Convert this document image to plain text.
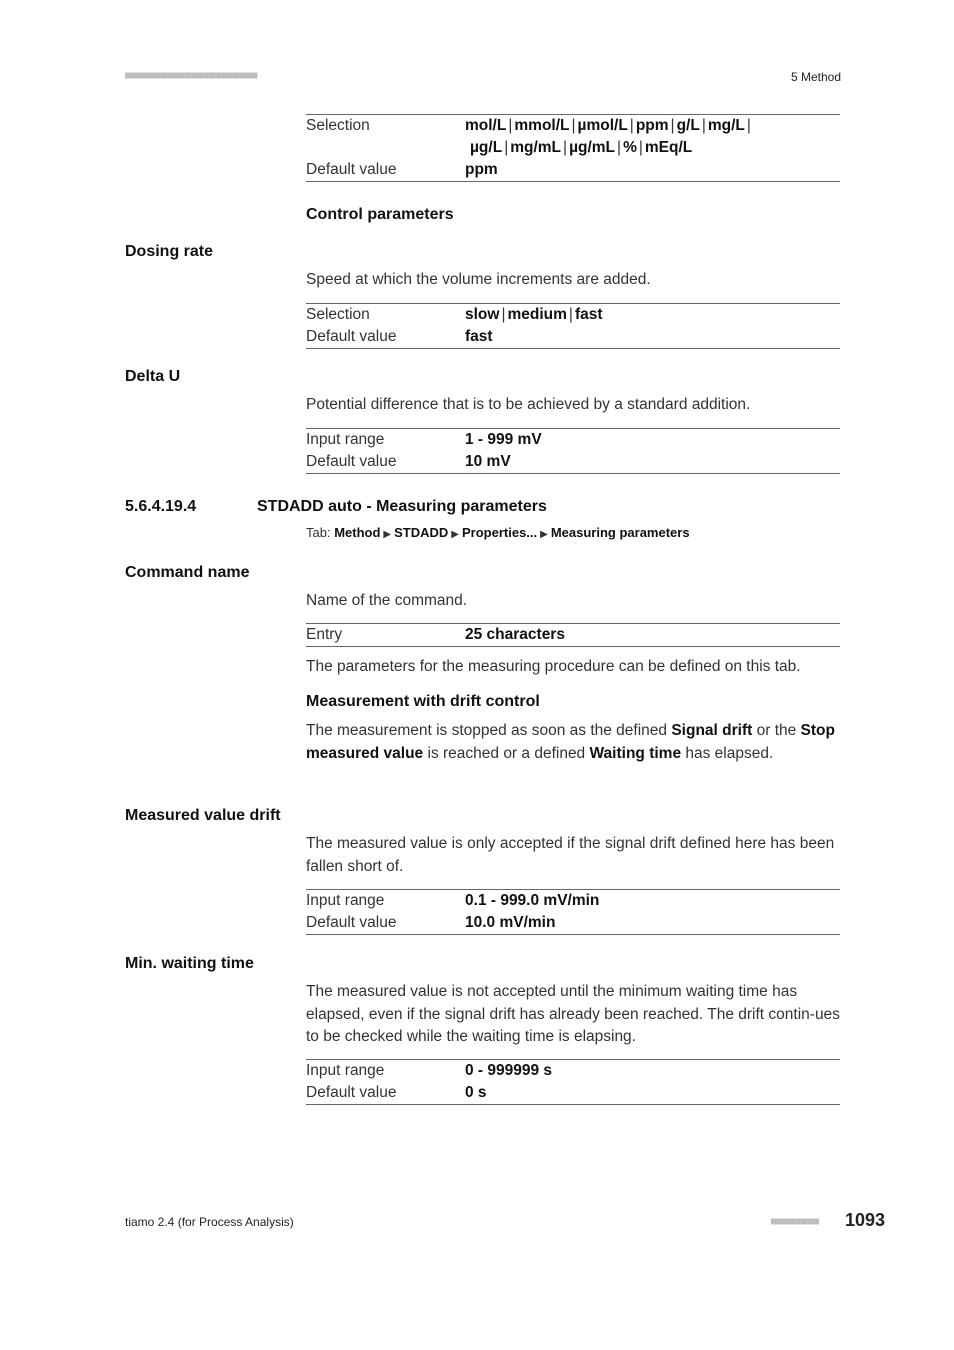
■■■■■■■■■■■■■■■■■■■■■■	5 Method
Selection	mol/L | mmol/L | µmol/L | ppm | g/L | mg/L |
µg/L | mg/mL | µg/mL | % | mEq/L
Default value	ppm
Control parameters
Dosing rate
Speed at which the volume increments are added.
Selection	slow | medium | fast
Default value	fast
Delta U
Potential difference that is to be achieved by a standard addition.
Input range	1 - 999 mV
Default value	10 mV
5.6.4.19.4	STDADD auto - Measuring parameters
Tab: Method ▶ STDADD ▶ Properties... ▶ Measuring parameters
Command name
Name of the command.
Entry	25 characters
The parameters for the measuring procedure can be defined on this tab.
Measurement with drift control
The measurement is stopped as soon as the defined Signal drift or the Stop measured value is reached or a defined Waiting time has elapsed.
Measured value drift
The measured value is only accepted if the signal drift defined here has been fallen short of.
Input range	0.1 - 999.0 mV/min
Default value	10.0 mV/min
Min. waiting time
The measured value is not accepted until the minimum waiting time has elapsed, even if the signal drift has already been reached. The drift contin-ues to be checked while the waiting time is elapsing.
Input range	0 - 999999 s
Default value	0 s
tiamo 2.4 (for Process Analysis)	■■■■■■■■ 1093
